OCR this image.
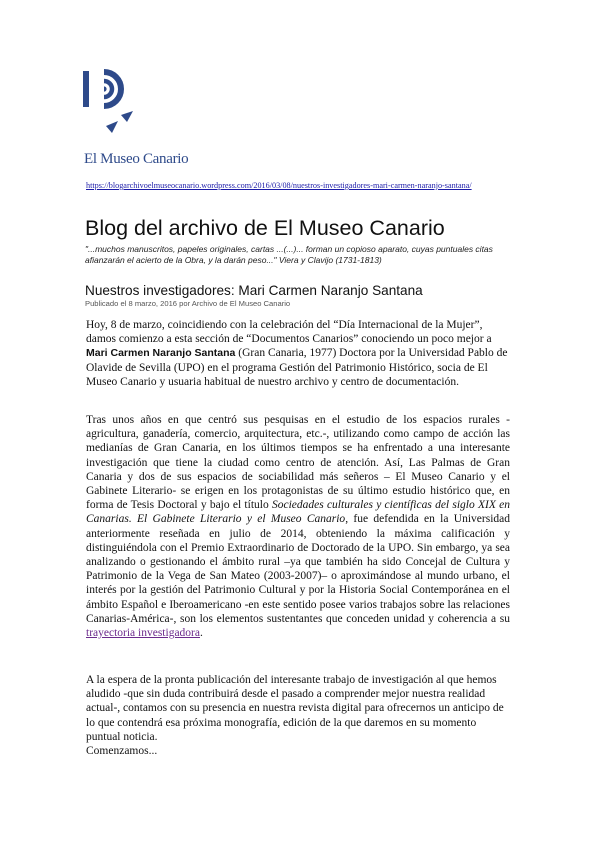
El Museo Canario
https://blogarchivoelmuseocanario.wordpress.com/2016/03/08/nuestros-investigadores-mari-carmen-naranjo-santana/
Blog del archivo de El Museo Canario

"...muchos manuscritos, papeles originales, cartas ...(...)... forman un copioso aparato, cuyas puntuales citas afianzarán el acierto de la Obra, y la darán peso..." Viera y Clavijo (1731-1813)

Nuestros investigadores: Mari Carmen Naranjo Santana
Publicado el 8 marzo, 2016 por Archivo de El Museo Canario

Hoy, 8 de marzo, coincidiendo con la celebración del “Día Internacional de la Mujer”, damos comienzo a esta sección de “Documentos Canarios” conociendo un poco mejor a Mari Carmen Naranjo Santana (Gran Canaria, 1977) Doctora por la Universidad Pablo de Olavide de Sevilla (UPO) en el programa Gestión del Patrimonio Histórico, socia de El Museo Canario y usuaria habitual de nuestro archivo y centro de documentación.

Tras unos años en que centró sus pesquisas en el estudio de los espacios rurales -agricultura, ganadería, comercio, arquitectura, etc.-, utilizando como campo de acción las medianías de Gran Canaria, en los últimos tiempos se ha enfrentado a una interesante investigación que tiene la ciudad como centro de atención. Así, Las Palmas de Gran Canaria y dos de sus espacios de sociabilidad más señeros – El Museo Canario y el Gabinete Literario- se erigen en los protagonistas de su último estudio histórico que, en forma de Tesis Doctoral y bajo el título Sociedades culturales y científicas del siglo XIX en Canarias. El Gabinete Literario y el Museo Canario, fue defendida en la Universidad anteriormente reseñada en julio de 2014, obteniendo la máxima calificación y distinguiéndola con el Premio Extraordinario de Doctorado de la UPO. Sin embargo, ya sea analizando o gestionando el ámbito rural –ya que también ha sido Concejal de Cultura y Patrimonio de la Vega de San Mateo (2003-2007)– o aproximándose al mundo urbano, el interés por la gestión del Patrimonio Cultural y por la Historia Social Contemporánea en el ámbito Español e Iberoamericano -en este sentido posee varios trabajos sobre las relaciones Canarias-América-, son los elementos sustentantes que conceden unidad y coherencia a su trayectoria investigadora.

A la espera de la pronta publicación del interesante trabajo de investigación al que hemos aludido -que sin duda contribuirá desde el pasado a comprender mejor nuestra realidad actual-, contamos con su presencia en nuestra revista digital para ofrecernos un anticipo de lo que contendrá esa próxima monografía, edición de la que daremos en su momento puntual noticia.
Comenzamos...
